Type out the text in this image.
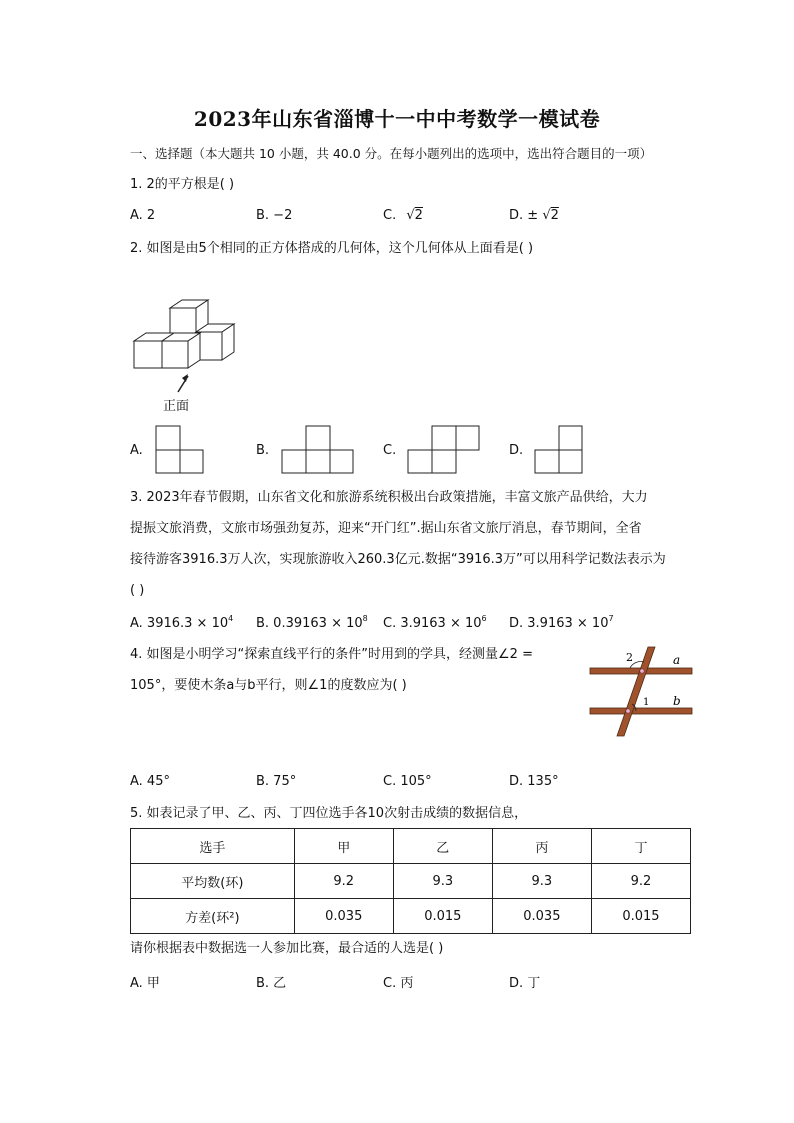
2023年山东省淄博十一中中考数学一模试卷
一、选择题（本大题共 10 小题，共 40.0 分。在每小题列出的选项中，选出符合题目的一项）
1. 2的平方根是( )
A. 2	B. −2	C. √2	D. ± √2
2. 如图是由5个相同的正方体搭成的几何体，这个几何体从上面看是( )
正面
A.	B.	C.	D.
3. 2023年春节假期，山东省文化和旅游系统积极出台政策措施，丰富文旅产品供给，大力
提振文旅消费，文旅市场强劲复苏，迎来“开门红”.据山东省文旅厅消息，春节期间，全省
接待游客3916.3万人次，实现旅游收入260.3亿元.数据“3916.3万”可以用科学记数法表示为
( )
A. $3916.3 \times 10^4$ B. $0.39163 \times 10^8$ C. $3.9163 \times 10^6$ D. $3.9163 \times 10^7$
4. 如图是小明学习“探索直线平行的条件”时用到的学具，经测量∠2 =
105°，要使木条a与b平行，则∠1的度数应为( )
2
1
a
b
A. 45°	B. 75°	C. 105°	D. 135°
5. 如表记录了甲、乙、丙、丁四位选手各10次射击成绩的数据信息，
选手	甲	乙	丙	丁
平均数(环)	9.2	9.3	9.3	9.2
方差(环²)	0.035	0.015	0.035	0.015
请你根据表中数据选一人参加比赛，最合适的人选是( )
A. 甲	B. 乙	C. 丙	D. 丁
